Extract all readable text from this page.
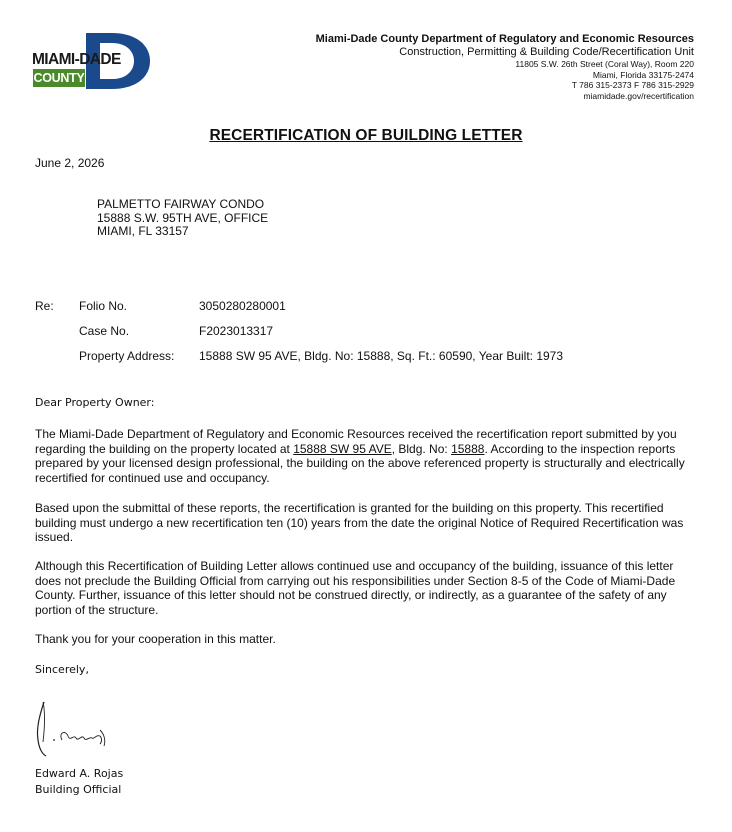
MIAMI-DADE
COUNTY
Miami-Dade County Department of Regulatory and Economic Resources
Construction, Permitting & Building Code/Recertification Unit
11805 S.W. 26th Street (Coral Way), Room 220
Miami, Florida 33175-2474
T 786 315-2373 F 786 315-2929
miamidade.gov/recertification
RECERTIFICATION OF BUILDING LETTER
June 2, 2026
PALMETTO FAIRWAY CONDO
15888 S.W. 95TH AVE, OFFICE
MIAMI, FL 33157
Re: Folio No.	3050280280001
Case No.	F2023013317
Property Address: 15888 SW 95 AVE, Bldg. No: 15888, Sq. Ft.: 60590, Year Built: 1973
Dear Property Owner:
The Miami-Dade Department of Regulatory and Economic Resources received the recertification report submitted by you
regarding the building on the property located at 15888 SW 95 AVE, Bldg. No: 15888. According to the inspection reports prepared by your licensed design professional, the building on the above referenced property is structurally and electrically recertified for continued use and occupancy.
Based upon the submittal of these reports, the recertification is granted for the building on this property. This recertified building must undergo a new recertification ten (10) years from the date the original Notice of Required Recertification was issued.
Although this Recertification of Building Letter allows continued use and occupancy of the building, issuance of this letter does not preclude the Building Official from carrying out his responsibilities under Section 8-5 of the Code of Miami-Dade County. Further, issuance of this letter should not be construed directly, or indirectly, as a guarantee of the safety of any portion of the structure.
Thank you for your cooperation in this matter.
Sincerely,
Edward A. Rojas
Building Official
